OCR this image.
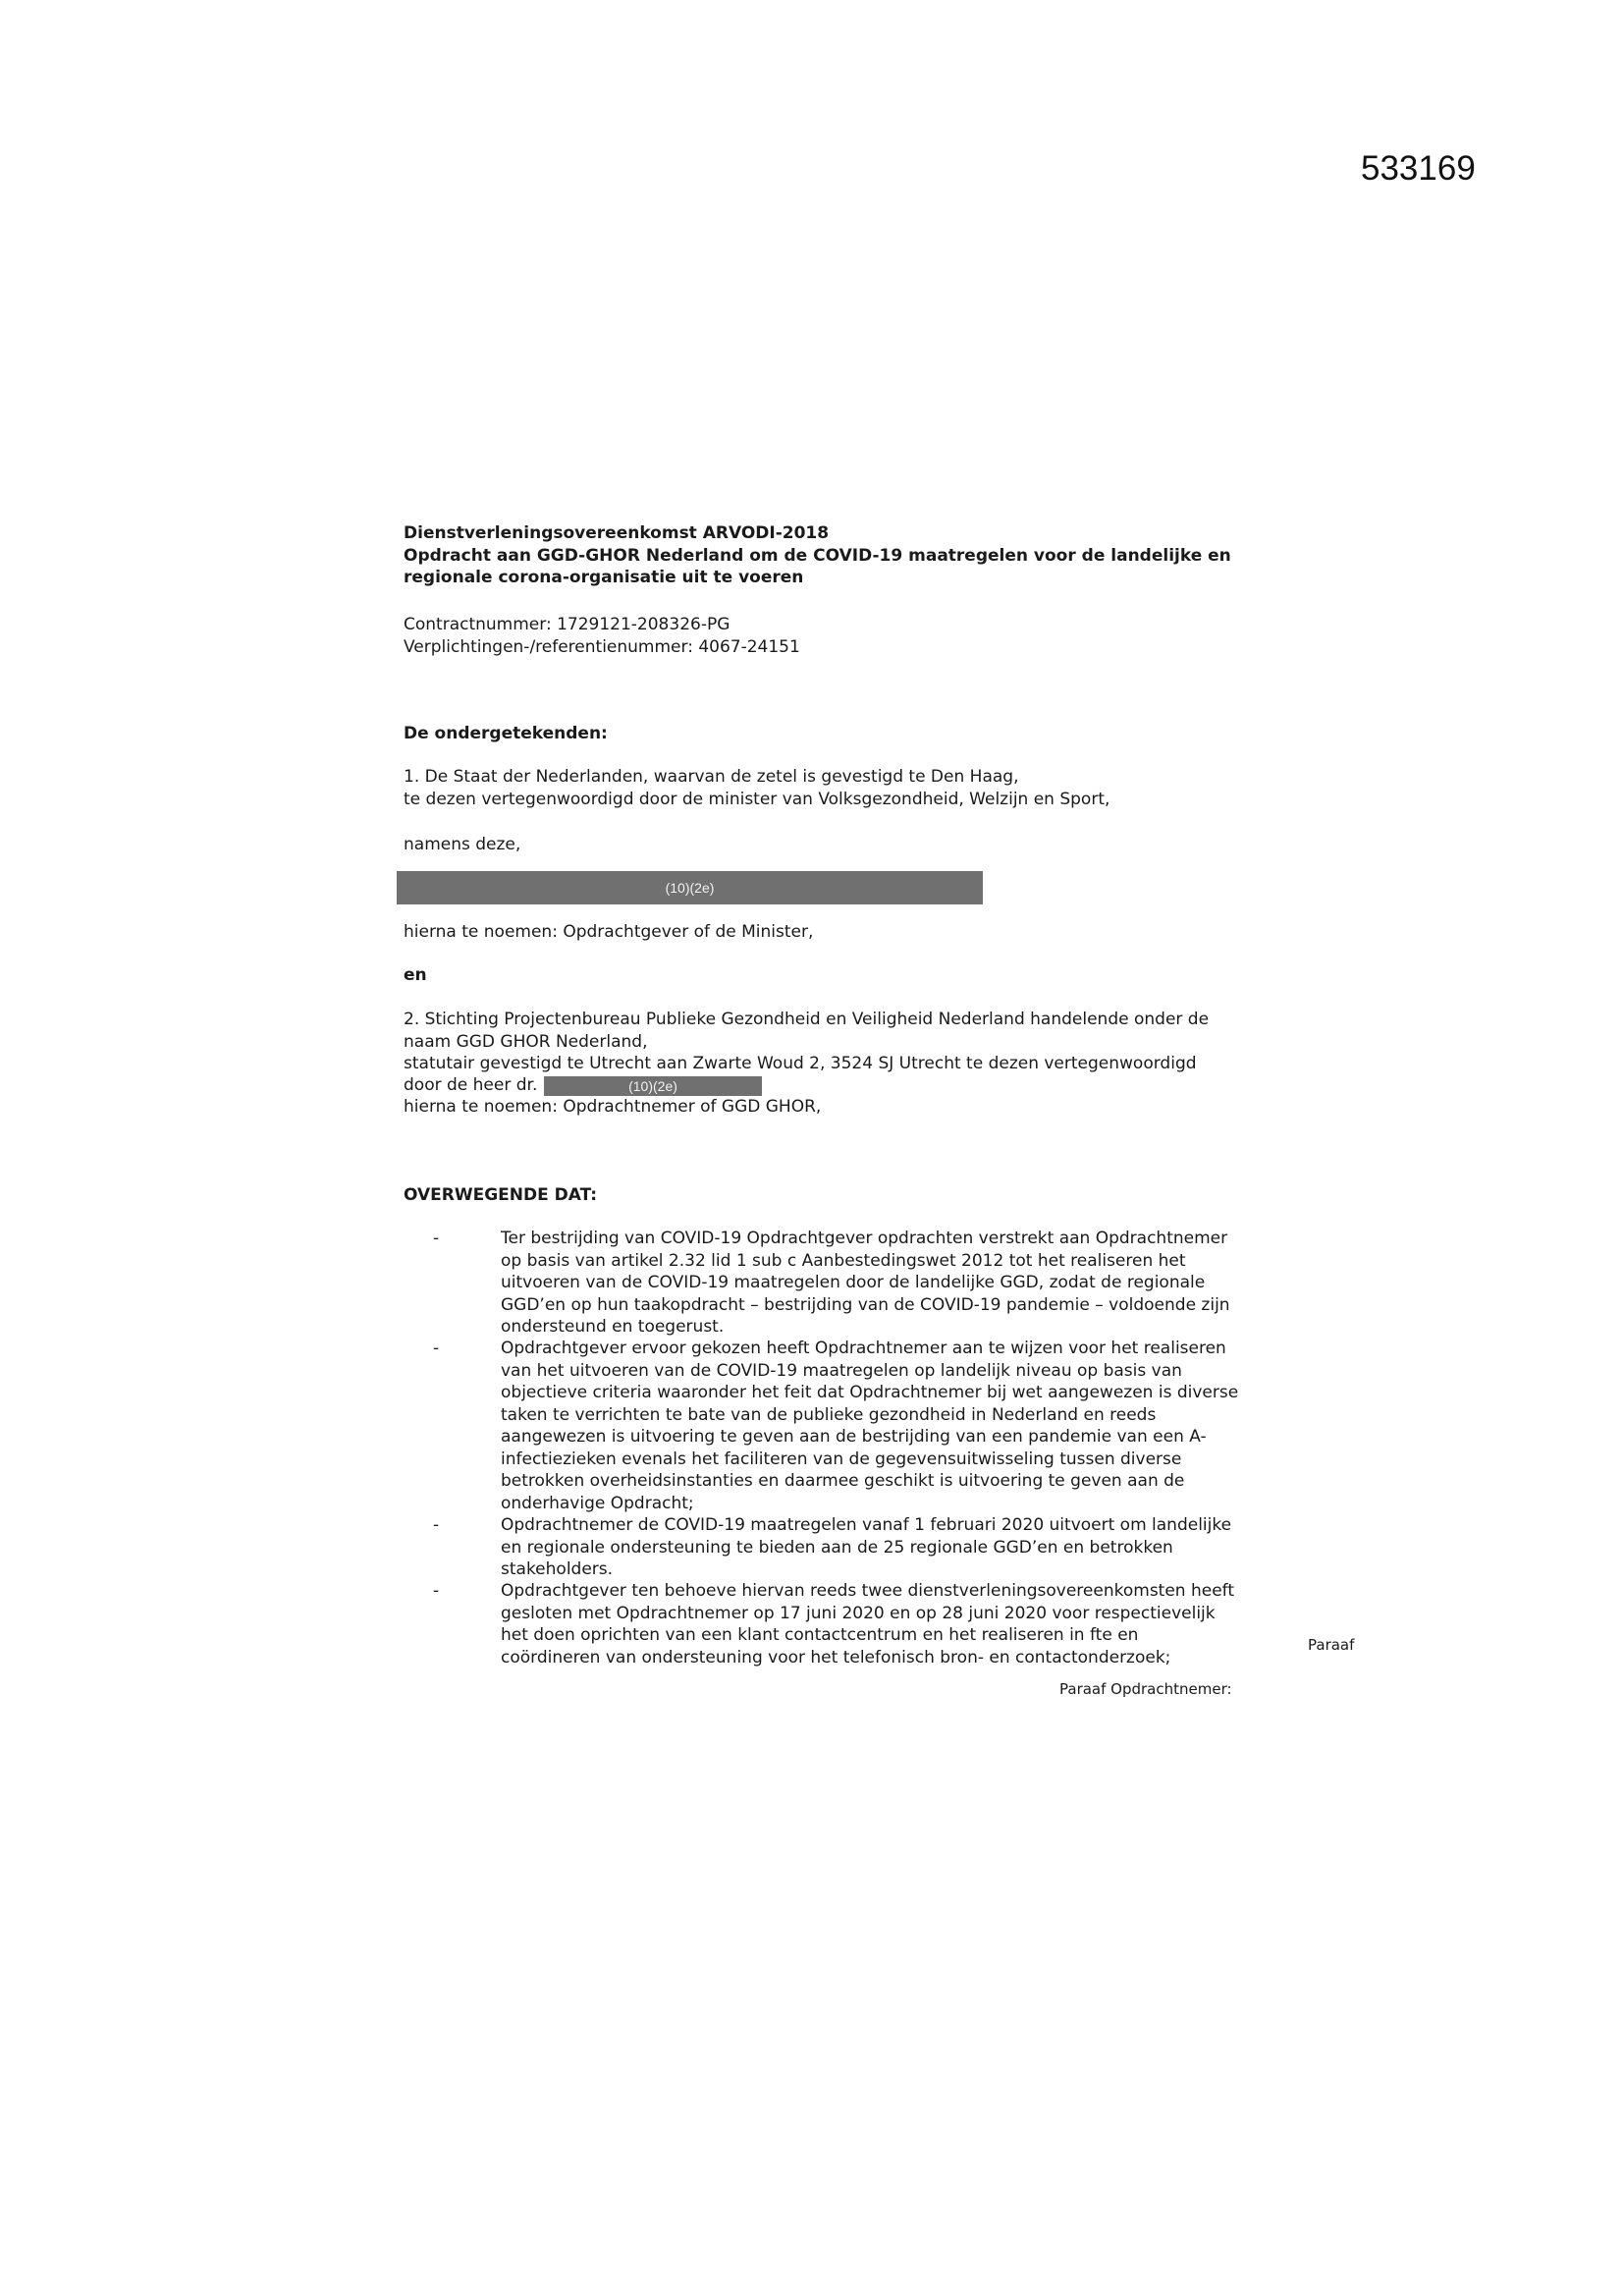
533169
Dienstverleningsovereenkomst ARVODI-2018
Opdracht aan GGD-GHOR Nederland om de COVID-19 maatregelen voor de landelijke en
regionale corona-organisatie uit te voeren
Contractnummer: 1729121-208326-PG
Verplichtingen-/referentienummer: 4067-24151
De ondergetekenden:
1. De Staat der Nederlanden, waarvan de zetel is gevestigd te Den Haag,
te dezen vertegenwoordigd door de minister van Volksgezondheid, Welzijn en Sport,
namens deze,
(10)(2e)
hierna te noemen: Opdrachtgever of de Minister,
en
2. Stichting Projectenbureau Publieke Gezondheid en Veiligheid Nederland handelende onder de
naam GGD GHOR Nederland,
statutair gevestigd te Utrecht aan Zwarte Woud 2, 3524 SJ Utrecht te dezen vertegenwoordigd
door de heer dr.	(10)(2e)
hierna te noemen: Opdrachtnemer of GGD GHOR,
OVERWEGENDE DAT:
-	Ter bestrijding van COVID-19 Opdrachtgever opdrachten verstrekt aan Opdrachtnemer
op basis van artikel 2.32 lid 1 sub c Aanbestedingswet 2012 tot het realiseren het
uitvoeren van de COVID-19 maatregelen door de landelijke GGD, zodat de regionale
GGD’en op hun taakopdracht – bestrijding van de COVID-19 pandemie – voldoende zijn
ondersteund en toegerust.
-	Opdrachtgever ervoor gekozen heeft Opdrachtnemer aan te wijzen voor het realiseren
van het uitvoeren van de COVID-19 maatregelen op landelijk niveau op basis van
objectieve criteria waaronder het feit dat Opdrachtnemer bij wet aangewezen is diverse
taken te verrichten te bate van de publieke gezondheid in Nederland en reeds
aangewezen is uitvoering te geven aan de bestrijding van een pandemie van een A-
infectiezieken evenals het faciliteren van de gegevensuitwisseling tussen diverse
betrokken overheidsinstanties en daarmee geschikt is uitvoering te geven aan de
onderhavige Opdracht;
-	Opdrachtnemer de COVID-19 maatregelen vanaf 1 februari 2020 uitvoert om landelijke
en regionale ondersteuning te bieden aan de 25 regionale GGD’en en betrokken
stakeholders.
-	Opdrachtgever ten behoeve hiervan reeds twee dienstverleningsovereenkomsten heeft
gesloten met Opdrachtnemer op 17 juni 2020 en op 28 juni 2020 voor respectievelijk
het doen oprichten van een klant contactcentrum en het realiseren in fte en
coördineren van ondersteuning voor het telefonisch bron- en contactonderzoek;
Paraaf
Paraaf Opdrachtnemer:
